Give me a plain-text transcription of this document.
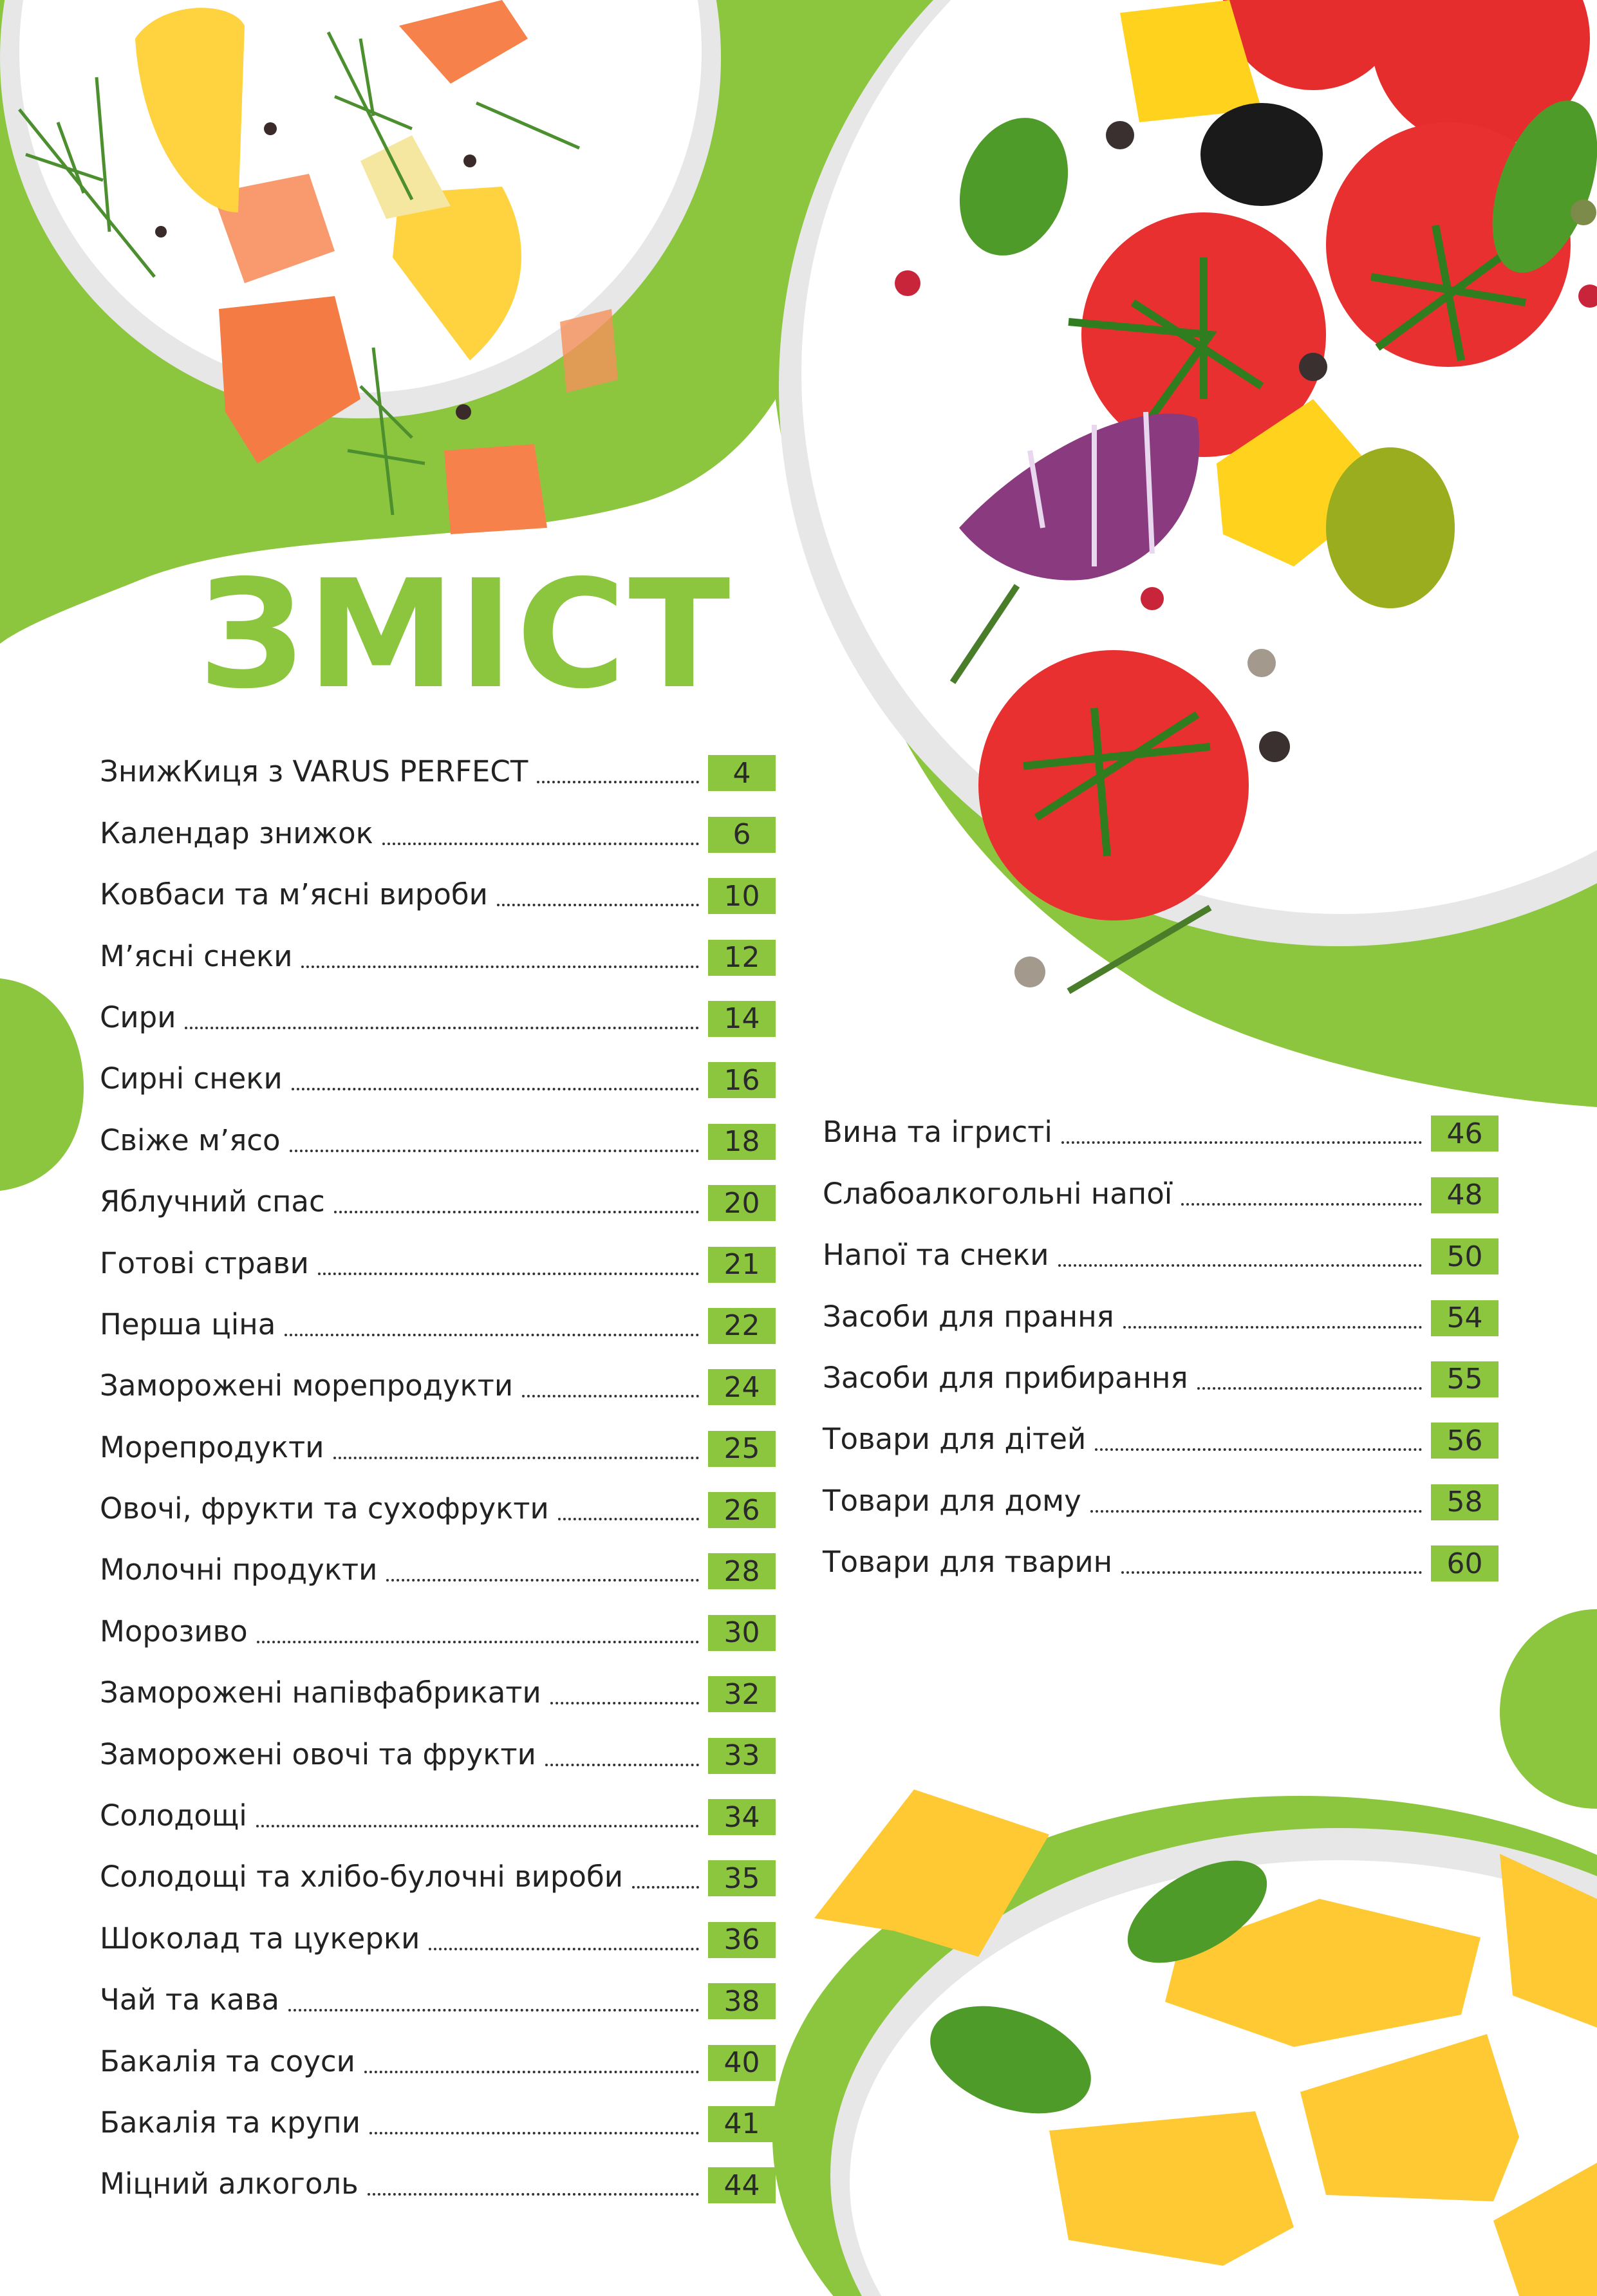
ЗМІСТ
ЗнижКиця з VARUS PERFECT	4
Календар знижок	6
Ковбаси та м’ясні вироби	10
М’ясні снеки	12
Сири	14
Сирні снеки	16
Свіже м’ясо	18
Яблучний спас	20
Готові страви	21
Перша ціна	22
Заморожені морепродукти	24
Морепродукти	25
Овочі, фрукти та сухофрукти	26
Молочні продукти	28
Морозиво	30
Заморожені напівфабрикати	32
Заморожені овочі та фрукти	33
Солодощі	34
Солодощі та хлібо-булочні вироби	35
Шоколад та цукерки	36
Чай та кава	38
Бакалія та соуси	40
Бакалія та крупи	41
Міцний алкоголь	44
Вина та ігристі	46
Слабоалкогольні напої	48
Напої та снеки	50
Засоби для прання	54
Засоби для прибирання	55
Товари для дітей	56
Товари для дому	58
Товари для тварин	60
